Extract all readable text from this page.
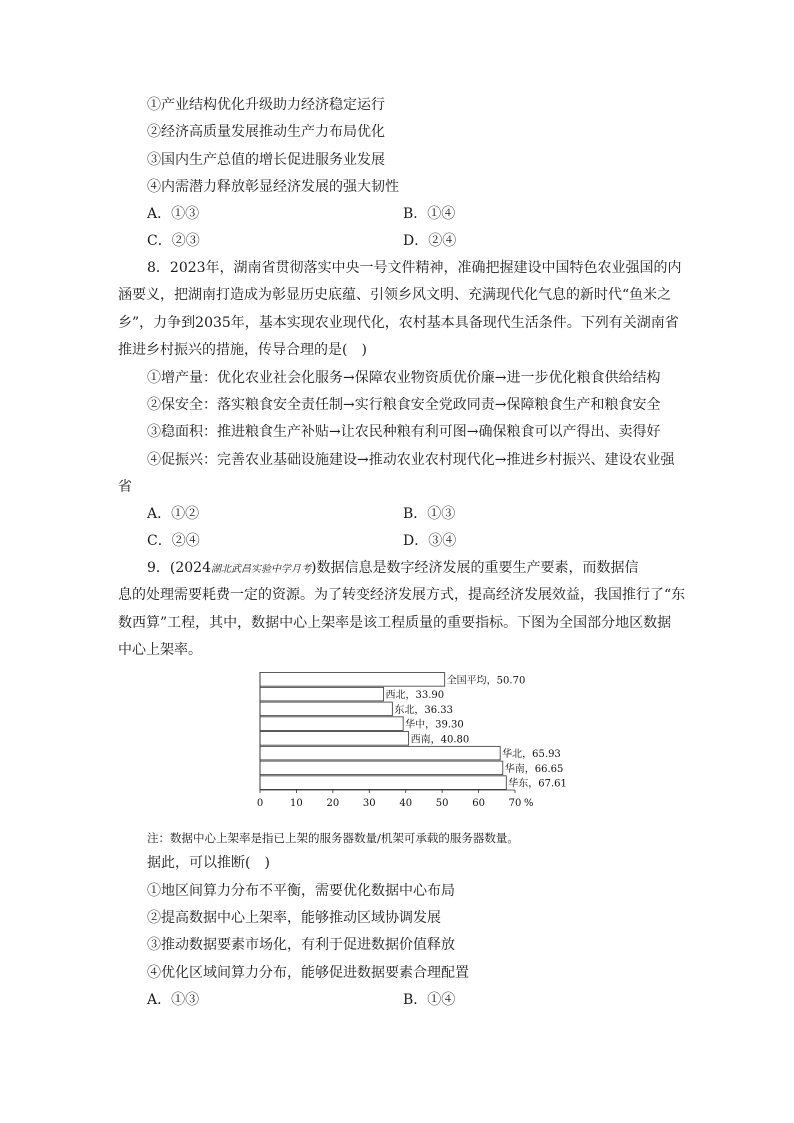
①产业结构优化升级助力经济稳定运行
②经济高质量发展推动生产力布局优化
③国内生产总值的增长促进服务业发展
④内需潜力释放彰显经济发展的强大韧性
A．①③	B．①④
C．②③	D．②④
8．2023年，湖南省贯彻落实中央一号文件精神，准确把握建设中国特色农业强国的内
涵要义，把湖南打造成为彰显历史底蕴、引领乡风文明、充满现代化气息的新时代“鱼米之
乡”，力争到2035年，基本实现农业现代化，农村基本具备现代生活条件。下列有关湖南省
推进乡村振兴的措施，传导合理的是(　)
①增产量：优化农业社会化服务→保障农业物资质优价廉→进一步优化粮食供给结构
②保安全：落实粮食安全责任制→实行粮食安全党政同责→保障粮食生产和粮食安全
③稳面积：推进粮食生产补贴→让农民种粮有利可图→确保粮食可以产得出、卖得好
④促振兴：完善农业基础设施建设→推动农业农村现代化→推进乡村振兴、建设农业强
省
A．①②	B．①③
C．②④	D．③④
9．(2024湖北武昌实验中学月考)数据信息是数字经济发展的重要生产要素，而数据信
息的处理需要耗费一定的资源。为了转变经济发展方式，提高经济发展效益，我国推行了“东
数西算”工程，其中，数据中心上架率是该工程质量的重要指标。下图为全国部分地区数据
中心上架率。
全国平均，50.70
西北，33.90
东北，36.33
华中，39.30
西南，40.80
华北，65.93
华南，66.65
华东，67.61
0	10 20 30 40 50 60 70 %
注：数据中心上架率是指已上架的服务器数量/机架可承载的服务器数量。
据此，可以推断(　)
①地区间算力分布不平衡，需要优化数据中心布局
②提高数据中心上架率，能够推动区域协调发展
③推动数据要素市场化，有利于促进数据价值释放
④优化区域间算力分布，能够促进数据要素合理配置
A．①③	B．①④
